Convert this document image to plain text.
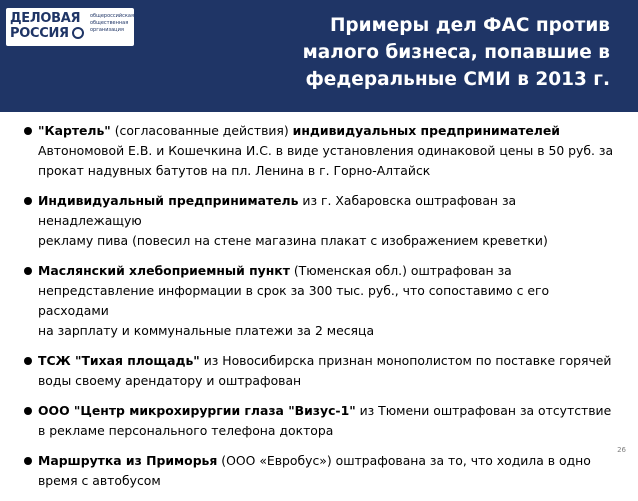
ДЕЛОВАЯ
РОССИЯ
общероссийская общественная организация	Примеры дел ФАС против
малого бизнеса, попавшие в
федеральные СМИ в 2013 г.

"Картель" (согласованные действия) индивидуальных предпринимателей

Автономовой Е.В. и Кошечкина И.С. в виде установления одинаковой цены в 50 руб. за

прокат надувных батутов на пл. Ленина в г. Горно-Алтайск

Индивидуальный предприниматель из г. Хабаровска оштрафован за ненадлежащую

рекламу пива (повесил на стене магазина плакат с изображением креветки)

Маслянский хлебоприемный пункт (Тюменская обл.) оштрафован за

непредставление информации в срок за 300 тыс. руб., что сопоставимо с его расходами

на зарплату и коммунальные платежи за 2 месяца

ТСЖ "Тихая площадь" из Новосибирска признан монополистом по поставке горячей

воды своему арендатору и оштрафован

ООО "Центр микрохирургии глаза "Визус-1" из Тюмени оштрафован за отсутствие

в рекламе персонального телефона доктора

Маршрутка из Приморья (ООО «Евробус») оштрафована за то, что ходила в одно

время с автобусом

26
